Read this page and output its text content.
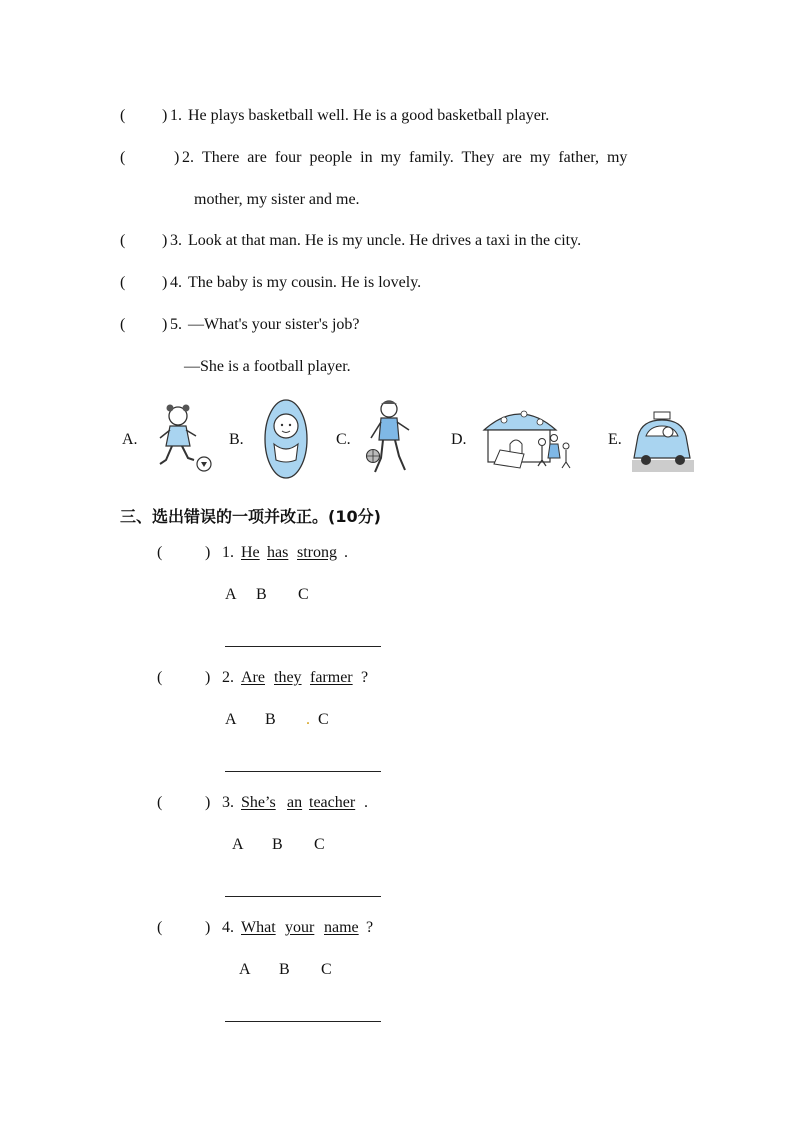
( ) 1. He plays basketball well. He is a good basketball player.
(	) 2. There are four people in my family. They are my father, my
mother, my sister and me.
( ) 3. Look at that man. He is my uncle. He drives a taxi in the city.
( ) 4. The baby is my cousin. He is lovely.
( ) 5. —What's your sister's job?
—She is a football player.
A.	B.	C.	D.	E.
三、选出错误的一项并改正。(10分)
(	) 1. He has strong .
A B C
(	) 2. Are they farmer ?
A B . C
(	) 3. She’s an teacher .
A B C
(	) 4. What your name ?
A B C
